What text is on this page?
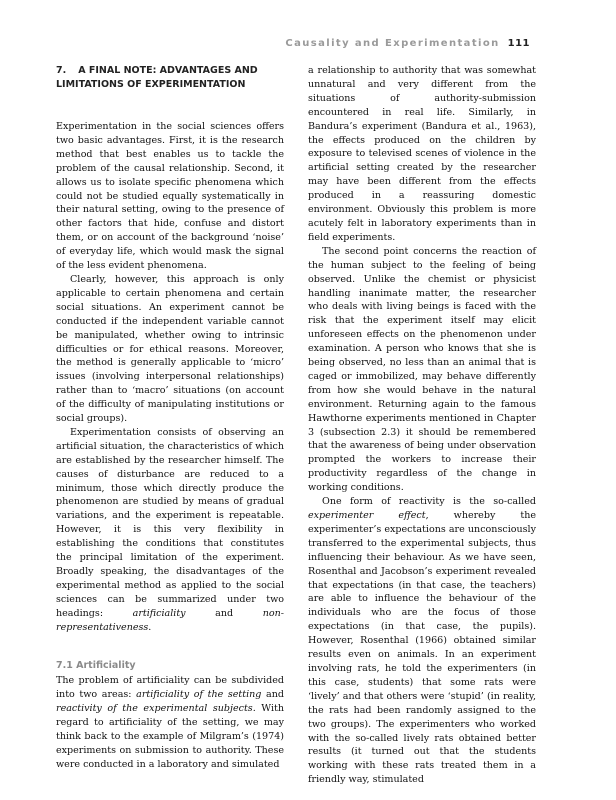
Causality and Experimentation 111
7. A FINAL NOTE: ADVANTAGES AND LIMITATIONS OF EXPERIMENTATION

Experimentation in the social sciences offers two basic advantages. First, it is the research method that best enables us to tackle the problem of the causal relationship. Second, it allows us to isolate specific phenomena which could not be studied equally systematically in their natural setting, owing to the presence of other factors that hide, confuse and distort them, or on account of the background ‘noise’ of everyday life, which would mask the signal of the less evident phenomena.

Clearly, however, this approach is only applicable to certain phenomena and certain social situations. An experiment cannot be conducted if the independent variable cannot be manipulated, whether owing to intrinsic difficulties or for ethical reasons. Moreover, the method is generally applicable to ‘micro’ issues (involving interpersonal relationships) rather than to ‘macro’ situations (on account of the difficulty of manipulating institutions or social groups).

Experimentation consists of observing an artificial situation, the characteristics of which are established by the researcher himself. The causes of disturbance are reduced to a minimum, those which directly produce the phenomenon are studied by means of gradual variations, and the experiment is repeatable. However, it is this very flexibility in establishing the conditions that constitutes the principal limitation of the experiment. Broadly speaking, the disadvantages of the experimental method as applied to the social sciences can be summarized under two headings: artificiality and non-representativeness.

7.1 Artificiality

The problem of artificiality can be subdivided into two areas: artificiality of the setting and reactivity of the experimental subjects. With regard to artificiality of the setting, we may think back to the example of Milgram’s (1974) experiments on submission to authority. These were conducted in a laboratory and simulated

a relationship to authority that was somewhat unnatural and very different from the situations of authority-submission encountered in real life. Similarly, in Bandura’s experiment (Bandura et al., 1963), the effects produced on the children by exposure to televised scenes of violence in the artificial setting created by the researcher may have been different from the effects produced in a reassuring domestic environment. Obviously this problem is more acutely felt in laboratory experiments than in field experiments.

The second point concerns the reaction of the human subject to the feeling of being observed. Unlike the chemist or physicist handling inanimate matter, the researcher who deals with living beings is faced with the risk that the experiment itself may elicit unforeseen effects on the phenomenon under examination. A person who knows that she is being observed, no less than an animal that is caged or immobilized, may behave differently from how she would behave in the natural environment. Returning again to the famous Hawthorne experiments mentioned in Chapter 3 (subsection 2.3) it should be remembered that the awareness of being under observation prompted the workers to increase their productivity regardless of the change in working conditions.

One form of reactivity is the so-called experimenter effect, whereby the experimenter’s expectations are unconsciously transferred to the experimental subjects, thus influencing their behaviour. As we have seen, Rosenthal and Jacobson’s experiment revealed that expectations (in that case, the teachers) are able to influence the behaviour of the individuals who are the focus of those expectations (in that case, the pupils). However, Rosenthal (1966) obtained similar results even on animals. In an experiment involving rats, he told the experimenters (in this case, students) that some rats were ‘lively’ and that others were ‘stupid’ (in reality, the rats had been randomly assigned to the two groups). The experimenters who worked with the so-called lively rats obtained better results (it turned out that the students working with these rats treated them in a friendly way, stimulated
